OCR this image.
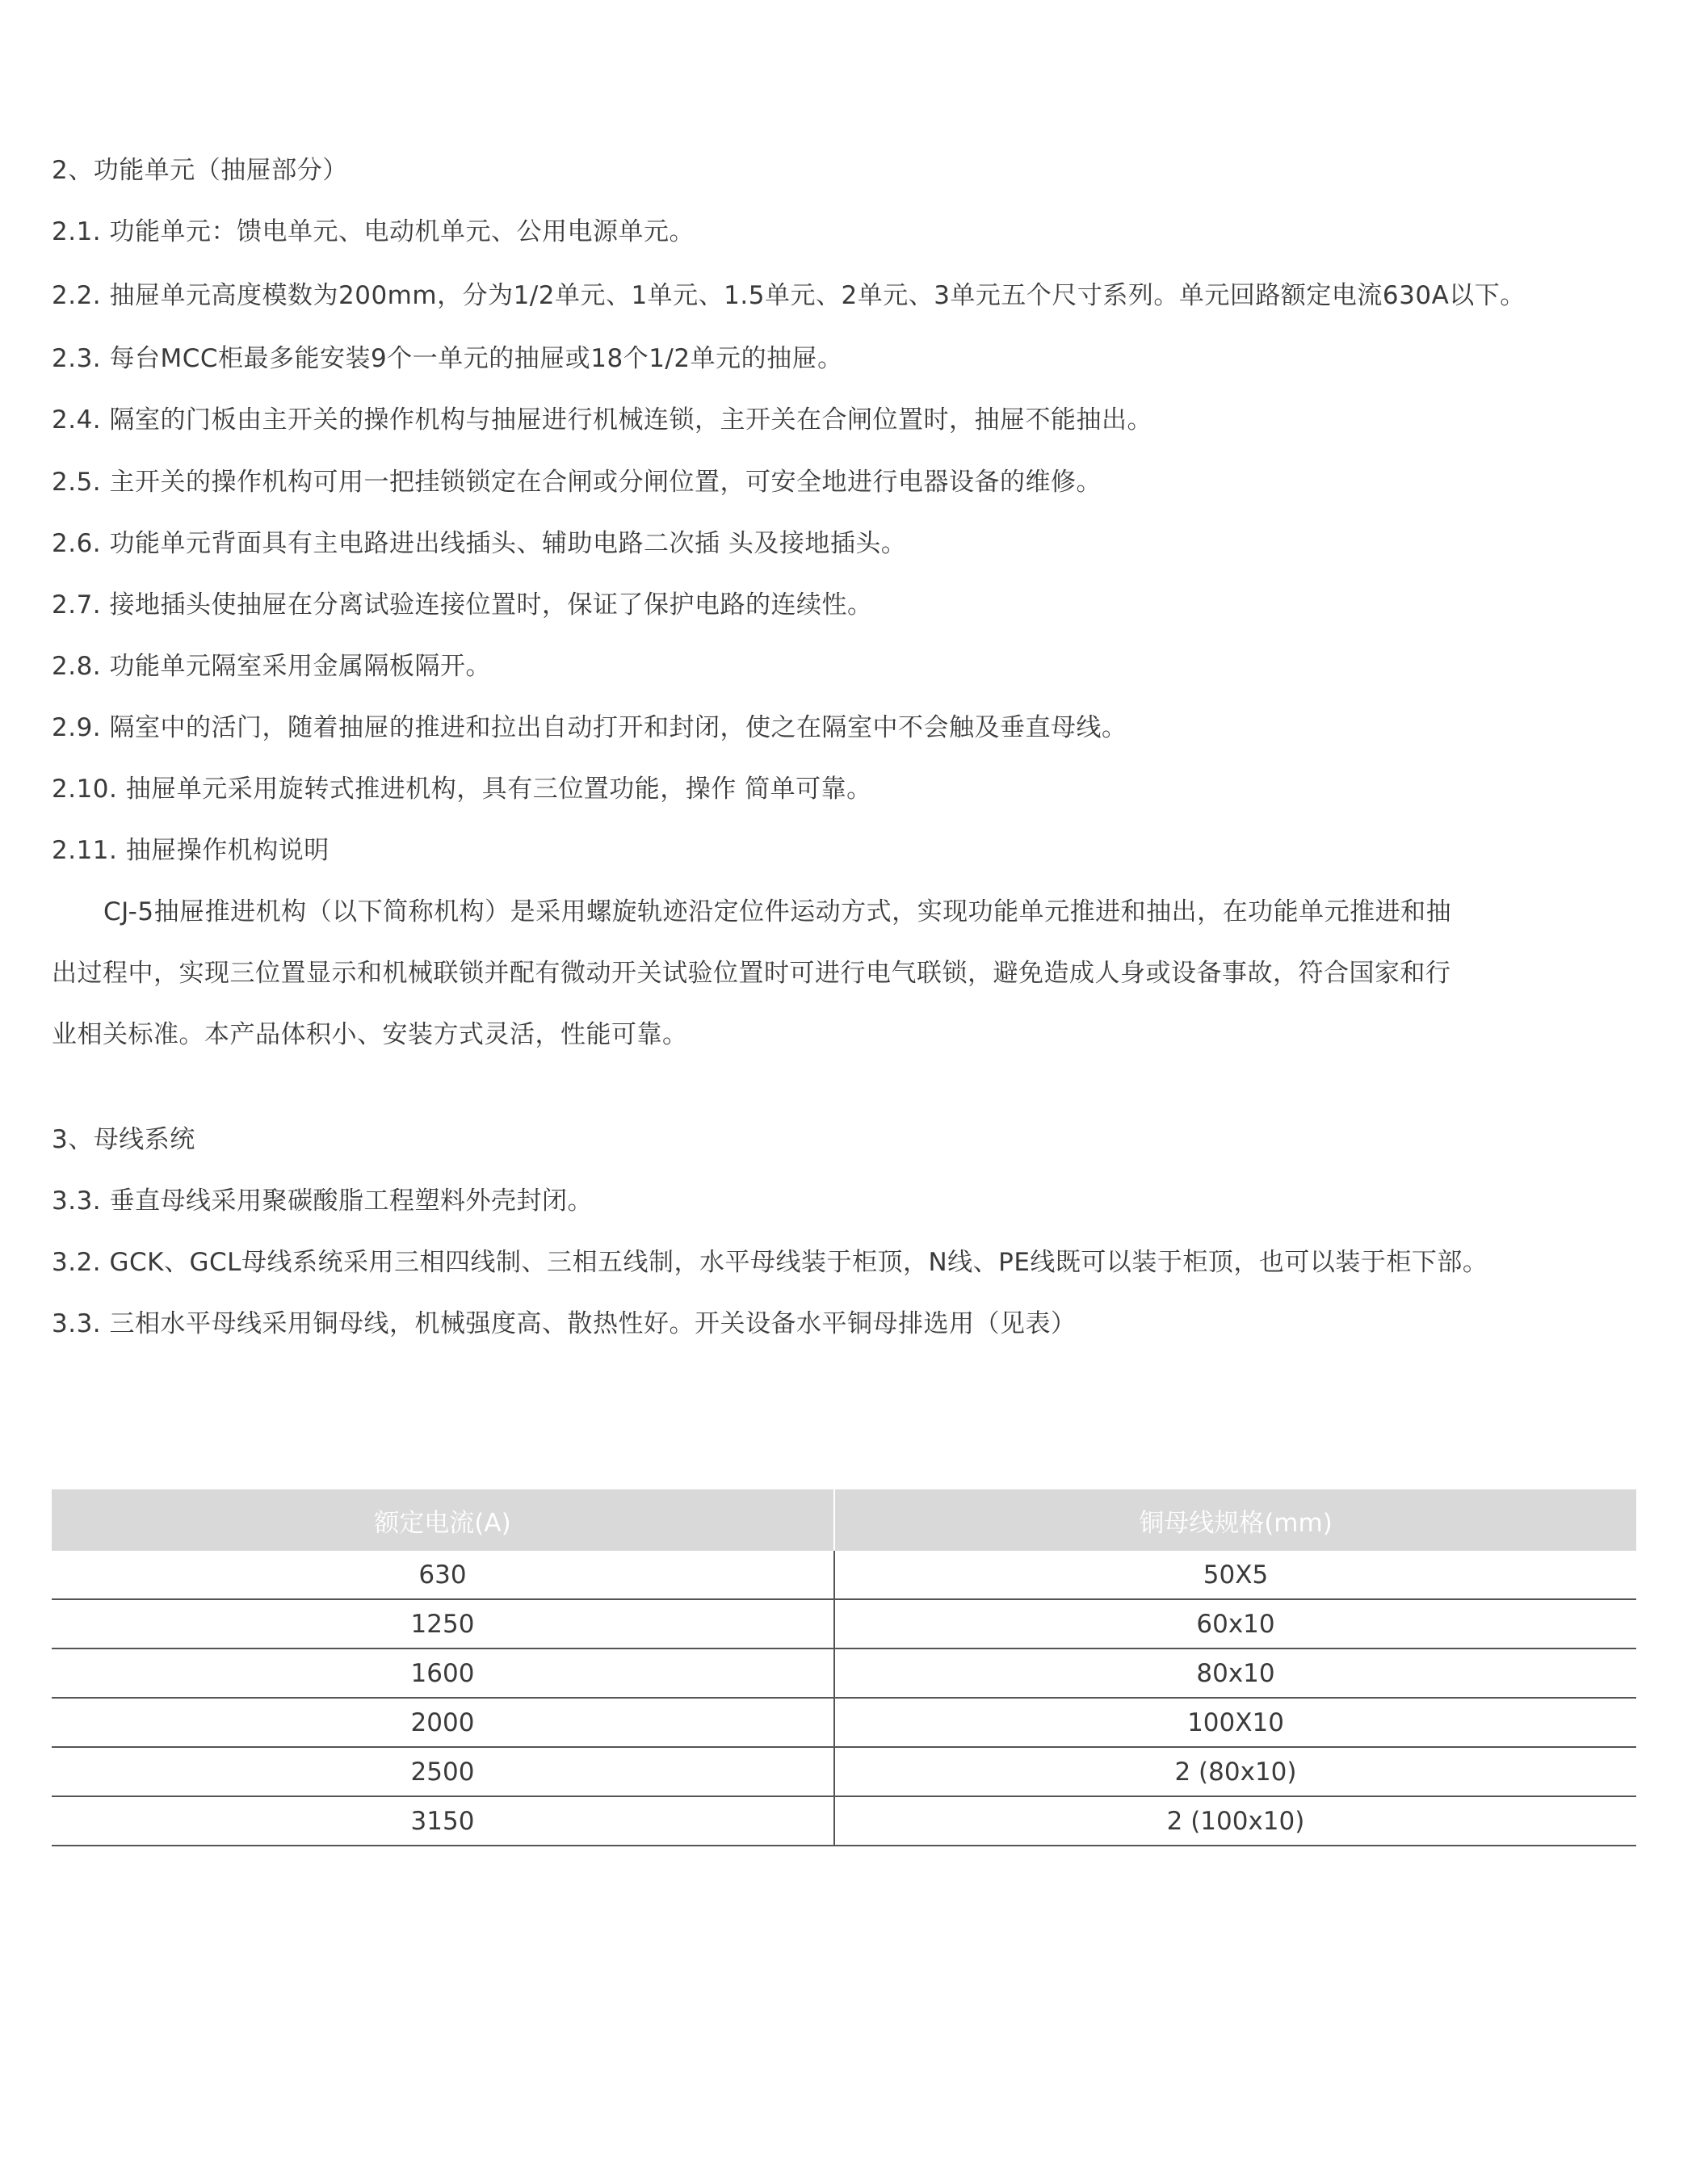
2、功能单元（抽屉部分）
2.1. 功能单元：馈电单元、电动机单元、公用电源单元。
2.2. 抽屉单元高度模数为200mm，分为1/2单元、1单元、1.5单元、2单元、3单元五个尺寸系列。单元回路额定电流630A以下。
2.3. 每台MCC柜最多能安装9个一单元的抽屉或18个1/2单元的抽屉。
2.4. 隔室的门板由主开关的操作机构与抽屉进行机械连锁，主开关在合闸位置时，抽屉不能抽出。
2.5. 主开关的操作机构可用一把挂锁锁定在合闸或分闸位置，可安全地进行电器设备的维修。
2.6. 功能单元背面具有主电路进出线插头、辅助电路二次插 头及接地插头。
2.7. 接地插头使抽屉在分离试验连接位置时，保证了保护电路的连续性。
2.8. 功能单元隔室采用金属隔板隔开。
2.9. 隔室中的活门，随着抽屉的推进和拉出自动打开和封闭，使之在隔室中不会触及垂直母线。
2.10. 抽屉单元采用旋转式推进机构，具有三位置功能，操作 简单可靠。
2.11. 抽屉操作机构说明
CJ-5抽屉推进机构（以下简称机构）是采用螺旋轨迹沿定位件运动方式，实现功能单元推进和抽出，在功能单元推进和抽
出过程中，实现三位置显示和机械联锁并配有微动开关试验位置时可进行电气联锁，避免造成人身或设备事故，符合国家和行
业相关标准。本产品体积小、安装方式灵活，性能可靠。
3、母线系统
3.3. 垂直母线采用聚碳酸脂工程塑料外壳封闭。
3.2. GCK、GCL母线系统采用三相四线制、三相五线制，水平母线装于柜顶，N线、PE线既可以装于柜顶，也可以装于柜下部。
3.3. 三相水平母线采用铜母线，机械强度高、散热性好。开关设备水平铜母排选用（见表）
额定电流(A)	铜母线规格(mm)
630	50X5
1250	60x10
1600	80x10
2000	100X10
2500	2 (80x10)
3150	2 (100x10)
